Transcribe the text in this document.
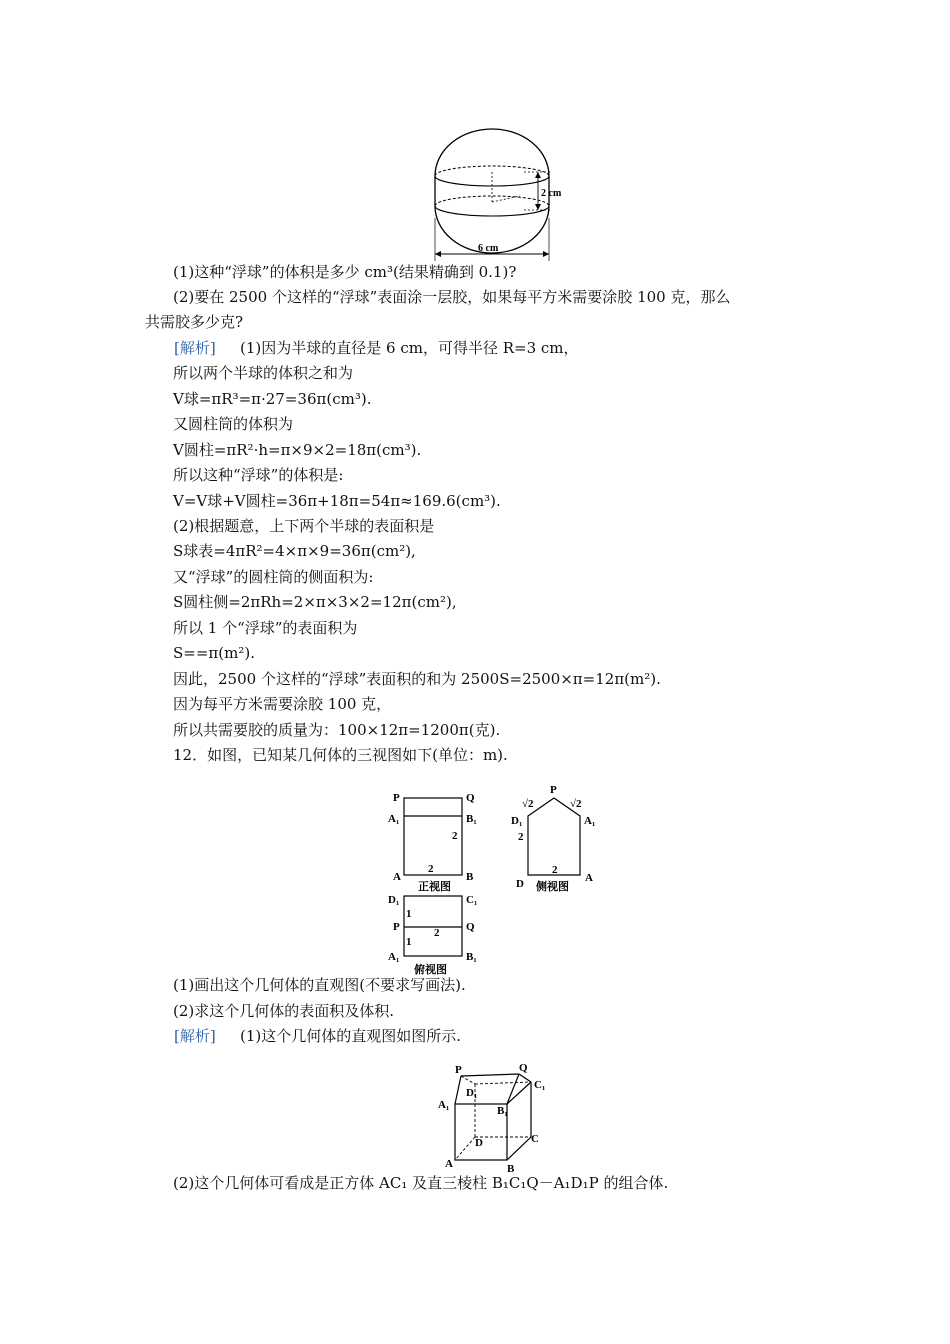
(1)这种“浮球”的体积是多少 cm³(结果精确到 0.1)?
(2)要在 2500 个这样的“浮球”表面涂一层胶，如果每平方米需要涂胶 100 克，那么
共需胶多少克?
[解析] (1)因为半球的直径是 6 cm，可得半径 R=3 cm，
所以两个半球的体积之和为
V球=πR³=π·27=36π(cm³).
又圆柱筒的体积为
V圆柱=πR²·h=π×9×2=18π(cm³).
所以这种“浮球”的体积是:
V=V球+V圆柱=36π+18π=54π≈169.6(cm³).
(2)根据题意，上下两个半球的表面积是
S球表=4πR²=4×π×9=36π(cm²),
又“浮球”的圆柱筒的侧面积为:
S圆柱侧=2πRh=2×π×3×2=12π(cm²),
所以 1 个“浮球”的表面积为
S==π(m²).
因此，2500 个这样的“浮球”表面积的和为 2500S=2500×π=12π(m²).
因为每平方米需要涂胶 100 克，
所以共需要胶的质量为：100×12π=1200π(克).
12．如图，已知某几何体的三视图如下(单位：m).
(1)画出这个几何体的直观图(不要求写画法).
(2)求这个几何体的表面积及体积.
[解析] (1)这个几何体的直观图如图所示.
(2)这个几何体可看成是正方体 AC₁ 及直三棱柱 B₁C₁Q－A₁D₁P 的组合体.
2 cm
6 cm
P	Q
A₁	B₁
A	B
2
2
正视图
P
√2	√2
D₁	A₁
D	A
2
2
侧视图
D₁	C₁
P	Q
A₁	B₁
1
1
2
俯视图
P	Q
C₁
D₁
A₁	B₁
D	C
A	B
